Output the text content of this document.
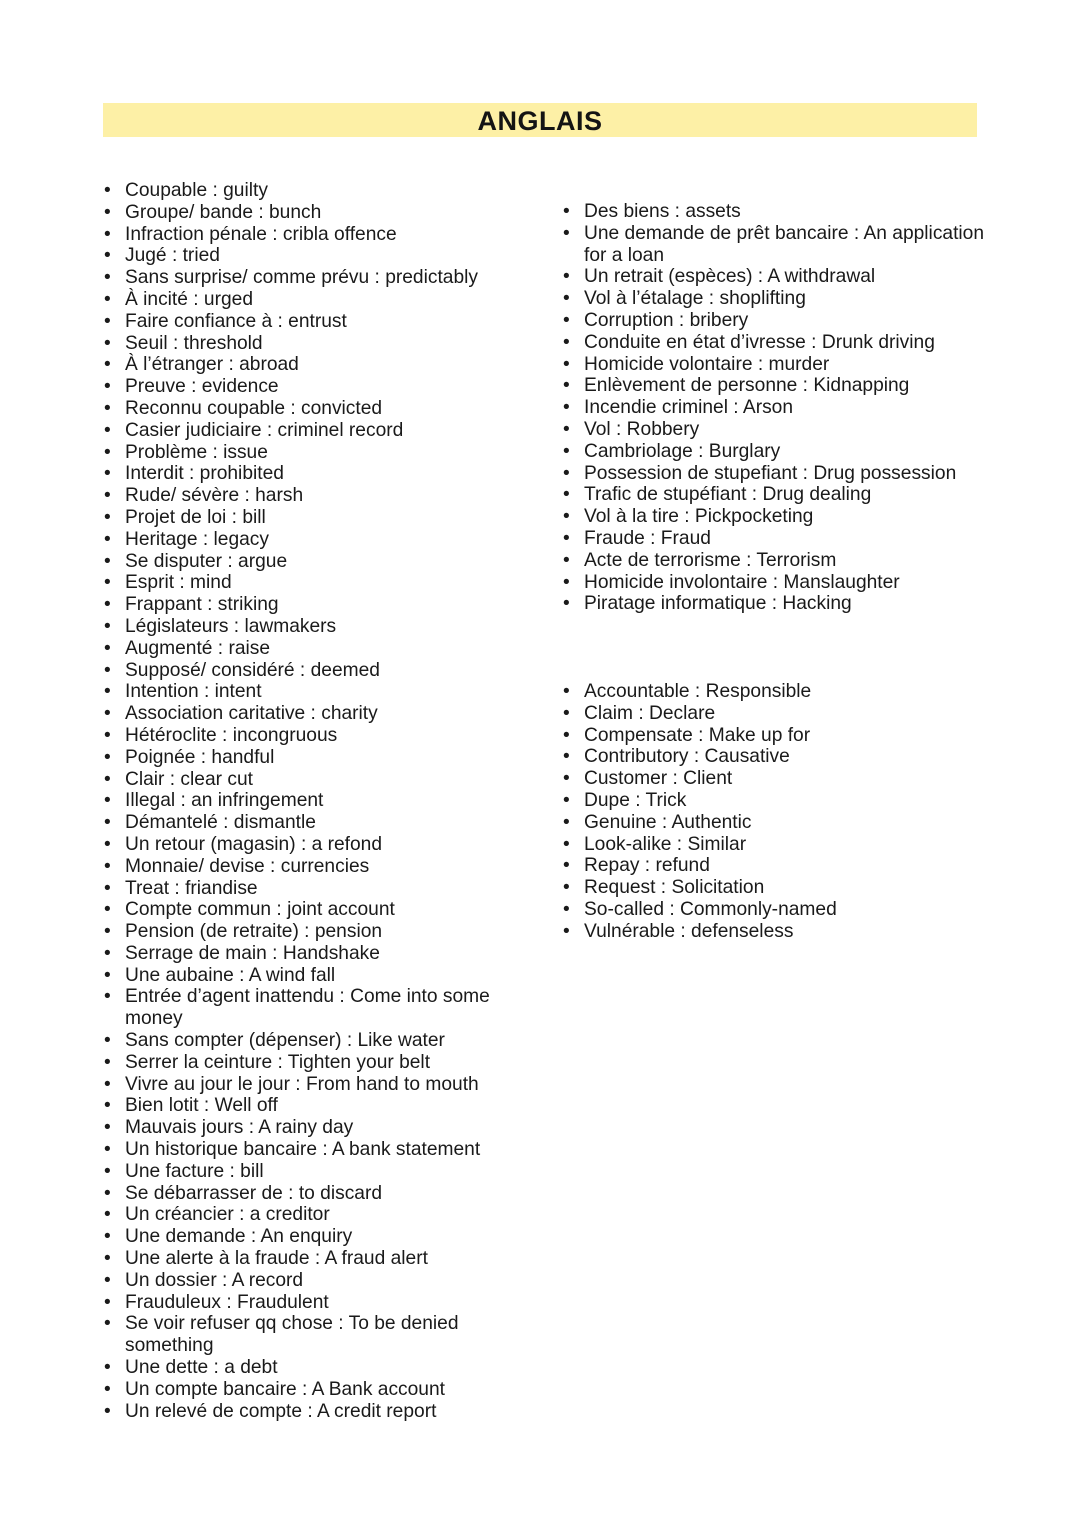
ANGLAIS
• Coupable : guilty
• Groupe/ bande : bunch
• Infraction pénale : cribla offence
• Jugé : tried
• Sans surprise/ comme prévu : predictably
• À incité : urged
• Faire confiance à : entrust
• Seuil : threshold
• À l’étranger : abroad
• Preuve : evidence
• Reconnu coupable : convicted
• Casier judiciaire : criminel record
• Problème : issue
• Interdit : prohibited
• Rude/ sévère : harsh
• Projet de loi : bill
• Heritage : legacy
• Se disputer : argue
• Esprit : mind
• Frappant : striking
• Législateurs : lawmakers
• Augmenté : raise
• Supposé/ considéré : deemed
• Intention : intent
• Association caritative : charity
• Hétéroclite : incongruous
• Poignée : handful
• Clair : clear cut
• Illegal : an infringement
• Démantelé : dismantle
• Un retour (magasin) : a refond
• Monnaie/ devise : currencies
• Treat : friandise
• Compte commun : joint account
• Pension (de retraite) : pension
• Serrage de main : Handshake
• Une aubaine : A wind fall
• Entrée d’agent inattendu : Come into some money
• Sans compter (dépenser) : Like water
• Serrer la ceinture : Tighten your belt
• Vivre au jour le jour : From hand to mouth
• Bien lotit : Well off
• Mauvais jours : A rainy day
• Un historique bancaire : A bank statement
• Une facture : bill
• Se débarrasser de : to discard
• Un créancier : a creditor
• Une demande : An enquiry
• Une alerte à la fraude : A fraud alert
• Un dossier : A record
• Frauduleux : Fraudulent
• Se voir refuser qq chose : To be denied something
• Une dette : a debt
• Un compte bancaire : A Bank account
• Un relevé de compte : A credit report
• Des biens : assets
• Une demande de prêt bancaire : An application for a loan
• Un retrait (espèces) : A withdrawal
• Vol à l’étalage : shoplifting
• Corruption : bribery
• Conduite en état d’ivresse : Drunk driving
• Homicide volontaire : murder
• Enlèvement de personne : Kidnapping
• Incendie criminel : Arson
• Vol : Robbery
• Cambriolage : Burglary
• Possession de stupefiant : Drug possession
• Trafic de stupéfiant : Drug dealing
• Vol à la tire : Pickpocketing
• Fraude : Fraud
• Acte de terrorisme : Terrorism
• Homicide involontaire : Manslaughter
• Piratage informatique : Hacking
• Accountable : Responsible
• Claim : Declare
• Compensate : Make up for
• Contributory : Causative
• Customer : Client
• Dupe : Trick
• Genuine : Authentic
• Look-alike : Similar
• Repay : refund
• Request : Solicitation
• So-called : Commonly-named
• Vulnérable : defenseless
